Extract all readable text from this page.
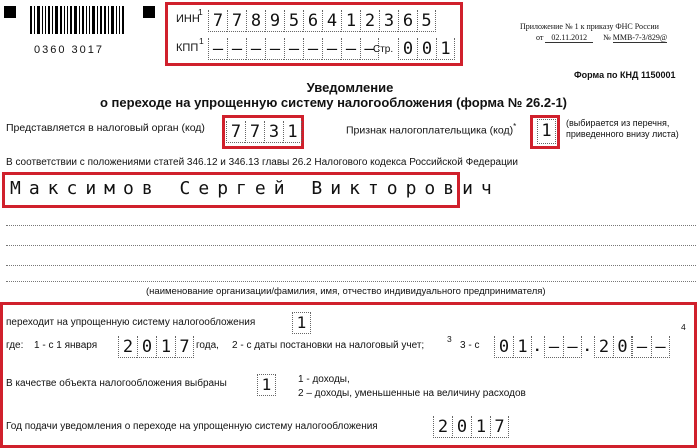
0360 3017
ИНН
1 7 7 8 9 5 6 4 1 2 3 6 5
КПП
1 – – – – – – – – –
Стр. 0 0 1
Приложение № 1 к приказу ФНС России
от 02.11.2012 № ММВ-7-3/829@
Форма по КНД 1150001
Уведомление
о переходе на упрощенную систему налогообложения (форма № 26.2-1)
Представляется в налоговый орган (код) 7 7 3 1	Признак налогоплательщика (код)* 1	(выбирается из перечня,
приведенного внизу листа)
В соответствии с положениями статей 346.12 и 346.13 главы 26.2 Налогового кодекса Российской Федерации
Максимов Сергей Викторович
(наименование организации/фамилия, имя, отчество индивидуального предпринимателя)
переходит на упрощенную систему налогообложения	1
где: 1 - с 1 января 2 0 1 7 года, 2 - с даты постановки на налоговый учет;
3
3 - с 0 1 . – – . 2 0 – –
4
В качестве объекта налогообложения выбраны 1	1 - доходы,
2 – доходы, уменьшенные на величину расходов
Год подачи уведомления о переходе на упрощенную систему налогообложения	2 0 1 7
